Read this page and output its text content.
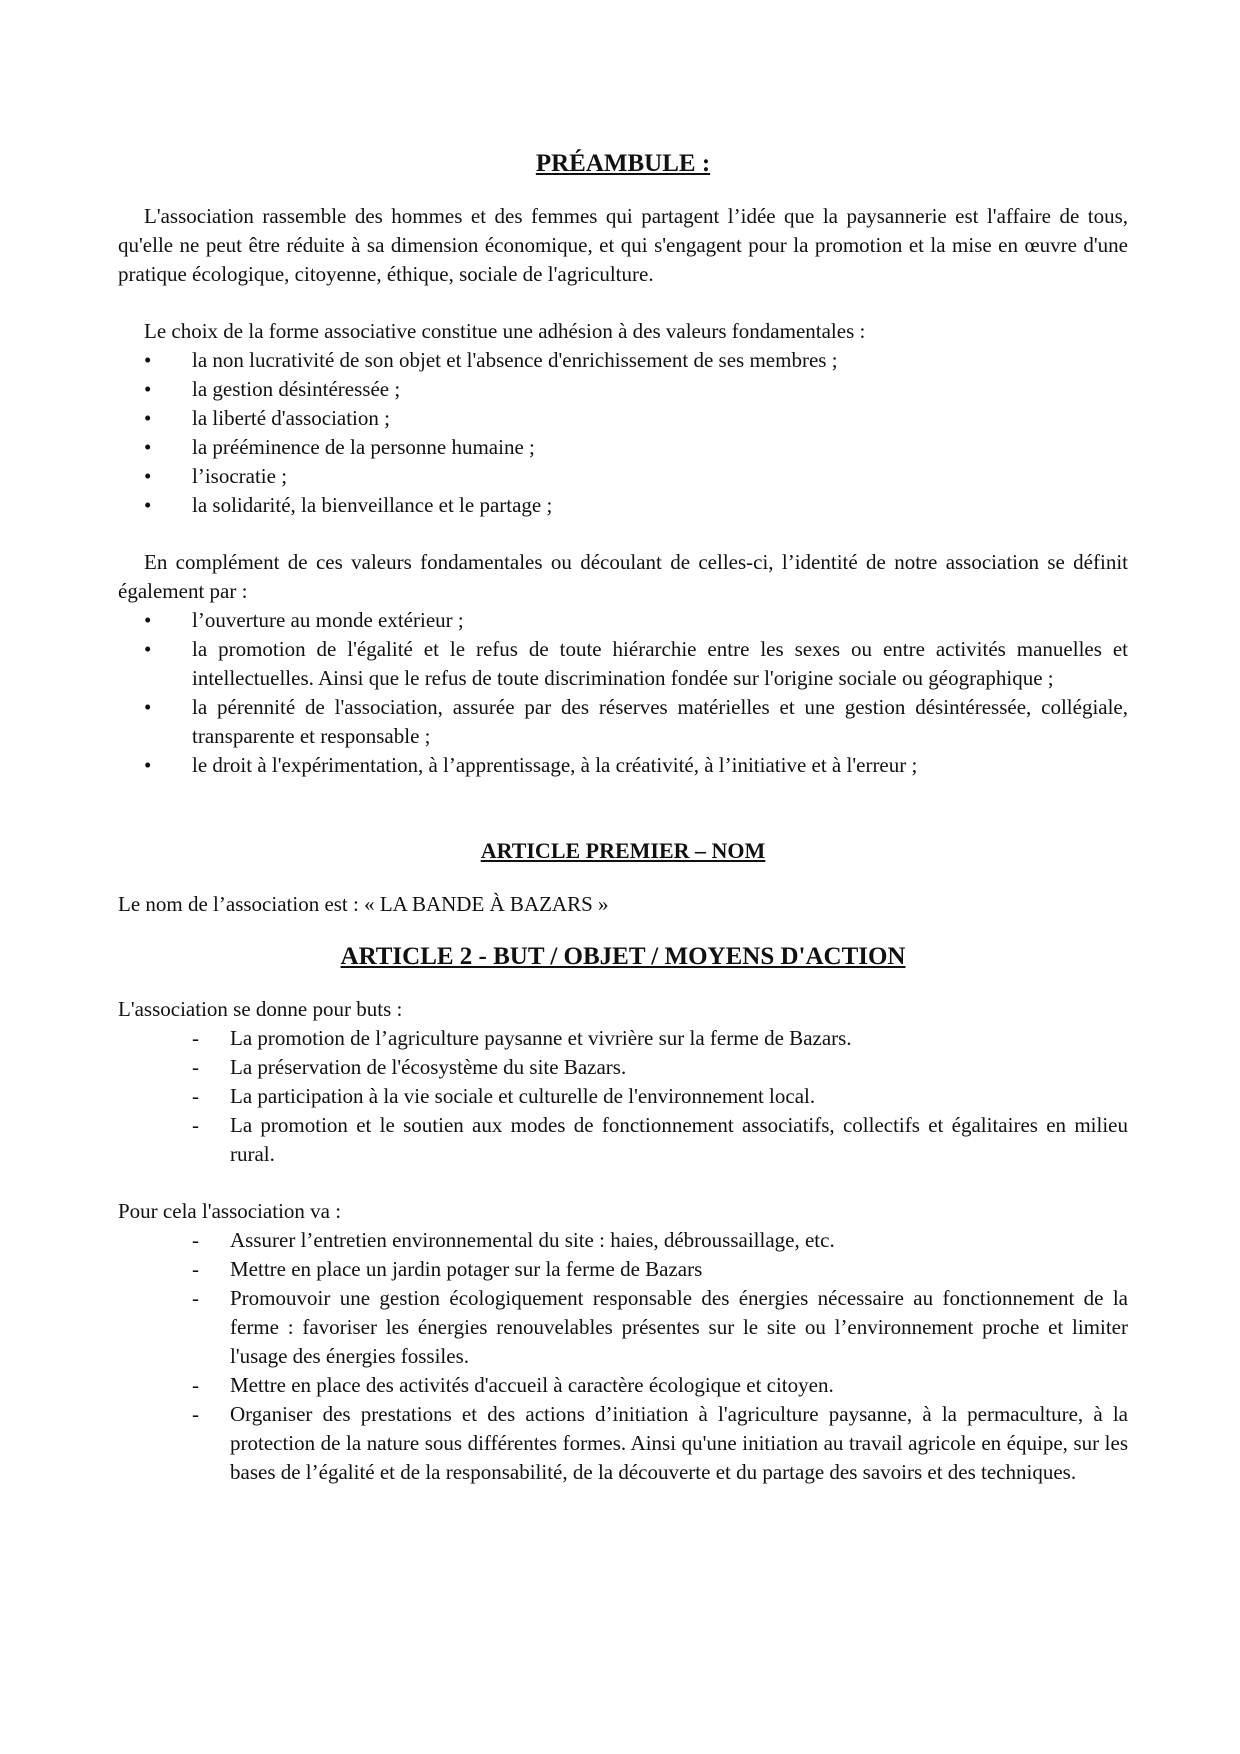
PRÉAMBULE :

L'association rassemble des hommes et des femmes qui partagent l’idée que la paysannerie est l'affaire de tous, qu'elle ne peut être réduite à sa dimension économique, et qui s'engagent pour la promotion et la mise en œuvre d'une pratique écologique, citoyenne, éthique, sociale de l'agriculture.

Le choix de la forme associative constitue une adhésion à des valeurs fondamentales :

• la non lucrativité de son objet et l'absence d'enrichissement de ses membres ;
• la gestion désintéressée ;
• la liberté d'association ;
• la prééminence de la personne humaine ;
• l’isocratie ;
• la solidarité, la bienveillance et le partage ;

En complément de ces valeurs fondamentales ou découlant de celles-ci, l’identité de notre association se définit également par :

• l’ouverture au monde extérieur ;
• la promotion de l'égalité et le refus de toute hiérarchie entre les sexes ou entre activités manuelles et intellectuelles. Ainsi que le refus de toute discrimination fondée sur l'origine sociale ou géographique ;
• la pérennité de l'association, assurée par des réserves matérielles et une gestion désintéressée, collégiale, transparente et responsable ;
• le droit à l'expérimentation, à l’apprentissage, à la créativité, à l’initiative et à l'erreur ;
ARTICLE PREMIER – NOM

Le nom de l’association est : « LA BANDE À BAZARS »

ARTICLE 2 - BUT / OBJET / MOYENS D'ACTION

L'association se donne pour buts :

- La promotion de l’agriculture paysanne et vivrière sur la ferme de Bazars.
- La préservation de l'écosystème du site Bazars.
- La participation à la vie sociale et culturelle de l'environnement local.
- La promotion et le soutien aux modes de fonctionnement associatifs, collectifs et égalitaires en milieu rural.

Pour cela l'association va :

- Assurer l’entretien environnemental du site : haies, débroussaillage, etc.
- Mettre en place un jardin potager sur la ferme de Bazars
- Promouvoir une gestion écologiquement responsable des énergies nécessaire au fonctionnement de la ferme : favoriser les énergies renouvelables présentes sur le site ou l’environnement proche et limiter l'usage des énergies fossiles.
- Mettre en place des activités d'accueil à caractère écologique et citoyen.
- Organiser des prestations et des actions d’initiation à l'agriculture paysanne, à la permaculture, à la protection de la nature sous différentes formes. Ainsi qu'une initiation au travail agricole en équipe, sur les bases de l’égalité et de la responsabilité, de la découverte et du partage des savoirs et des techniques.
